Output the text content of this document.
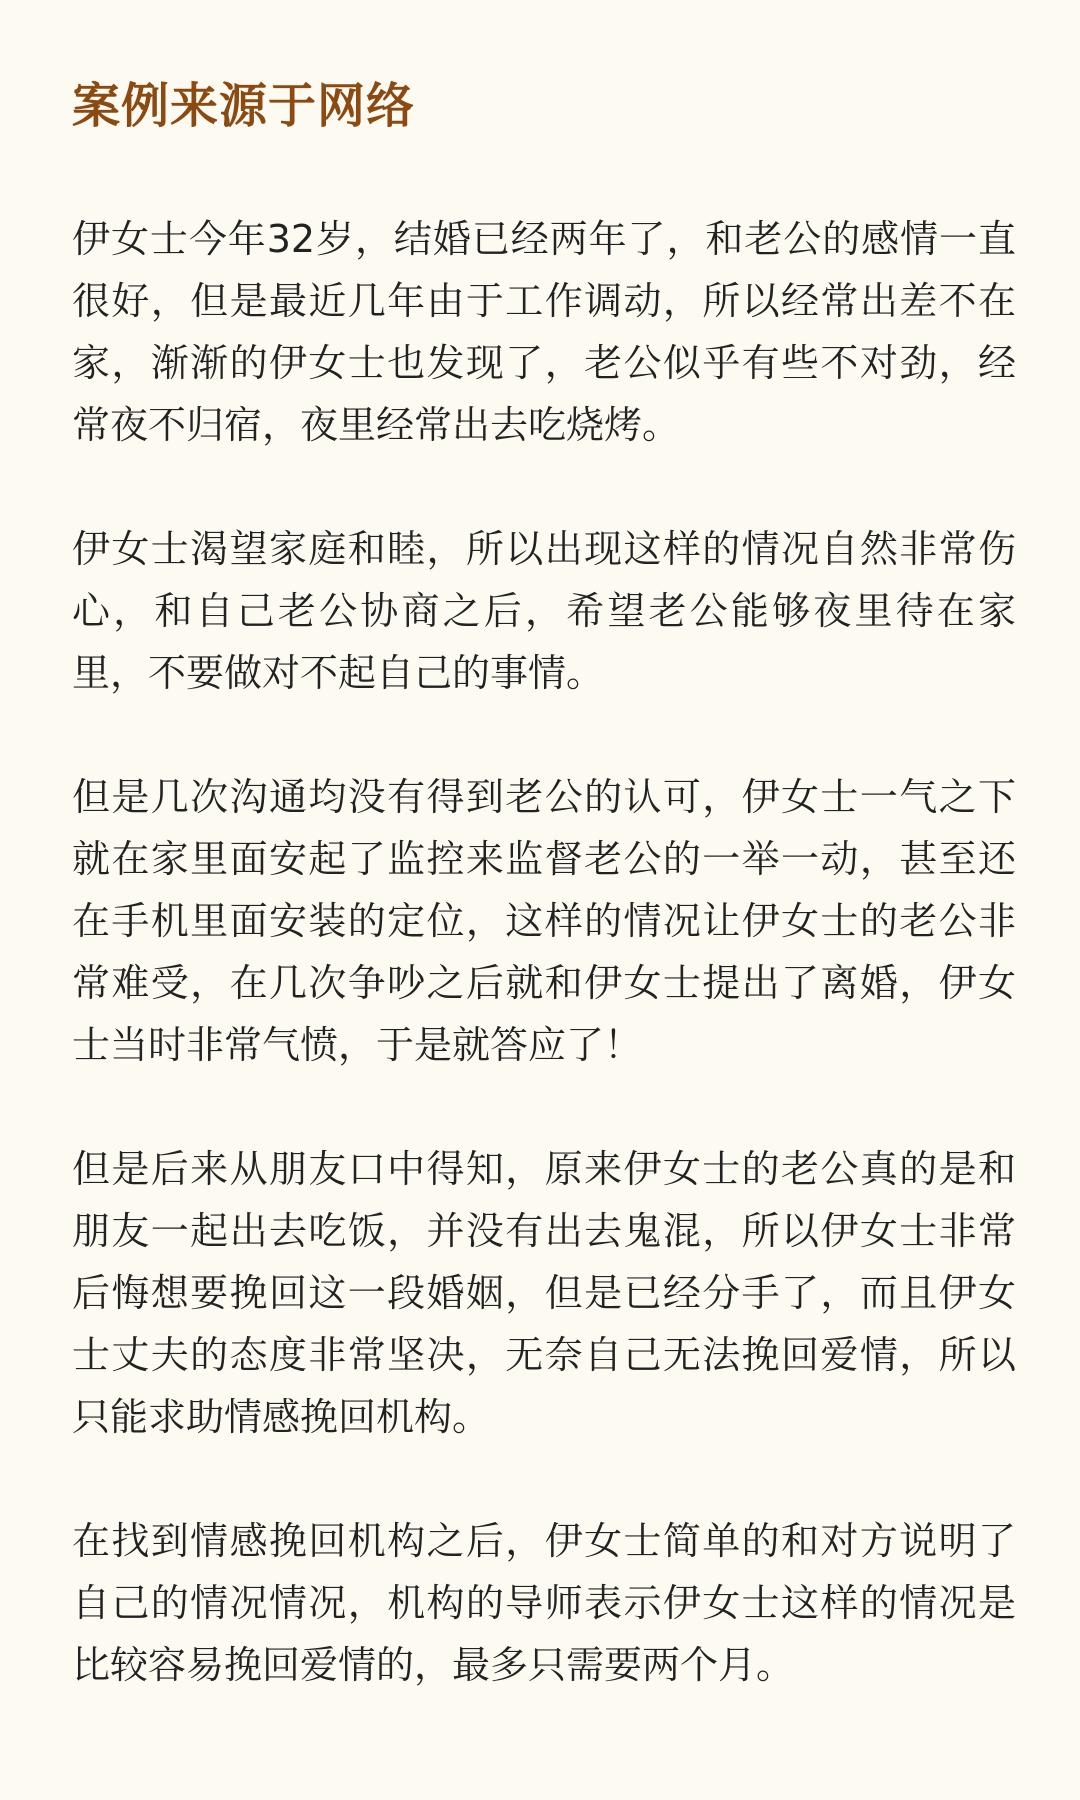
案例来源于网络

伊女士今年32岁，结婚已经两年了，和老公的感情一直很好，但是最近几年由于工作调动，所以经常出差不在家，渐渐的伊女士也发现了，老公似乎有些不对劲，经常夜不归宿，夜里经常出去吃烧烤。

伊女士渴望家庭和睦，所以出现这样的情况自然非常伤心，和自己老公协商之后，希望老公能够夜里待在家里，不要做对不起自己的事情。

但是几次沟通均没有得到老公的认可，伊女士一气之下就在家里面安起了监控来监督老公的一举一动，甚至还在手机里面安装的定位，这样的情况让伊女士的老公非常难受，在几次争吵之后就和伊女士提出了离婚，伊女士当时非常气愤，于是就答应了！

但是后来从朋友口中得知，原来伊女士的老公真的是和朋友一起出去吃饭，并没有出去鬼混，所以伊女士非常后悔想要挽回这一段婚姻，但是已经分手了，而且伊女士丈夫的态度非常坚决，无奈自己无法挽回爱情，所以只能求助情感挽回机构。

在找到情感挽回机构之后，伊女士简单的和对方说明了自己的情况情况，机构的导师表示伊女士这样的情况是比较容易挽回爱情的，最多只需要两个月。
